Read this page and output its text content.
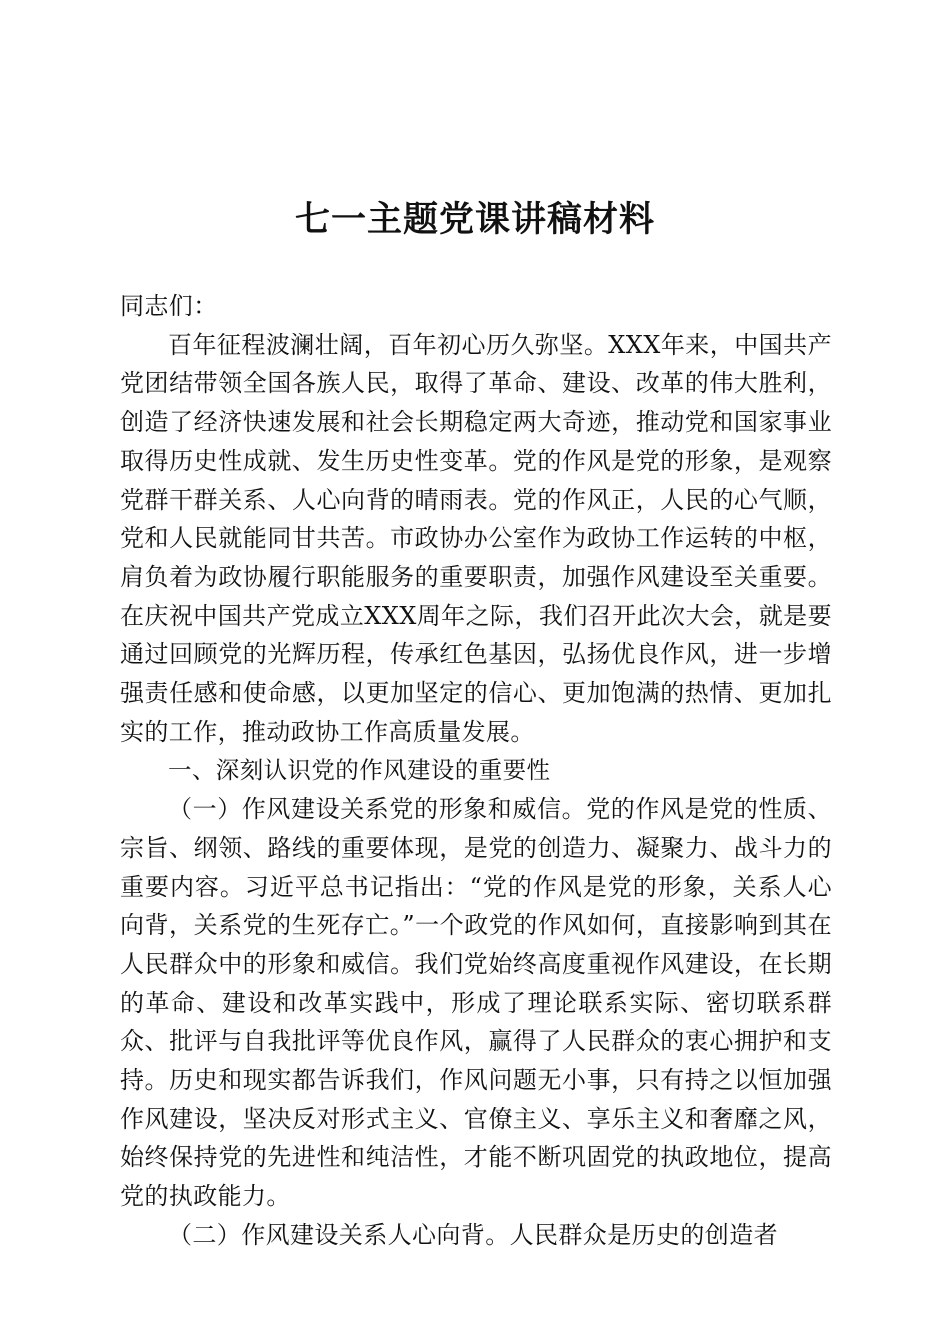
七一主题党课讲稿材料

同志们：

百年征程波澜壮阔，百年初心历久弥坚。XXX年来，中国共产党团结带领全国各族人民，取得了革命、建设、改革的伟大胜利，创造了经济快速发展和社会长期稳定两大奇迹，推动党和国家事业取得历史性成就、发生历史性变革。党的作风是党的形象，是观察党群干群关系、人心向背的晴雨表。党的作风正，人民的心气顺，党和人民就能同甘共苦。市政协办公室作为政协工作运转的中枢，肩负着为政协履行职能服务的重要职责，加强作风建设至关重要。在庆祝中国共产党成立XXX周年之际，我们召开此次大会，就是要通过回顾党的光辉历程，传承红色基因，弘扬优良作风，进一步增强责任感和使命感，以更加坚定的信心、更加饱满的热情、更加扎实的工作，推动政协工作高质量发展。

一、深刻认识党的作风建设的重要性

（一）作风建设关系党的形象和威信。党的作风是党的性质、宗旨、纲领、路线的重要体现，是党的创造力、凝聚力、战斗力的重要内容。习近平总书记指出：“党的作风是党的形象，关系人心向背，关系党的生死存亡。”一个政党的作风如何，直接影响到其在人民群众中的形象和威信。我们党始终高度重视作风建设，在长期的革命、建设和改革实践中，形成了理论联系实际、密切联系群众、批评与自我批评等优良作风，赢得了人民群众的衷心拥护和支持。历史和现实都告诉我们，作风问题无小事，只有持之以恒加强作风建设，坚决反对形式主义、官僚主义、享乐主义和奢靡之风，始终保持党的先进性和纯洁性，才能不断巩固党的执政地位，提高党的执政能力。

（二）作风建设关系人心向背。人民群众是历史的创造者
